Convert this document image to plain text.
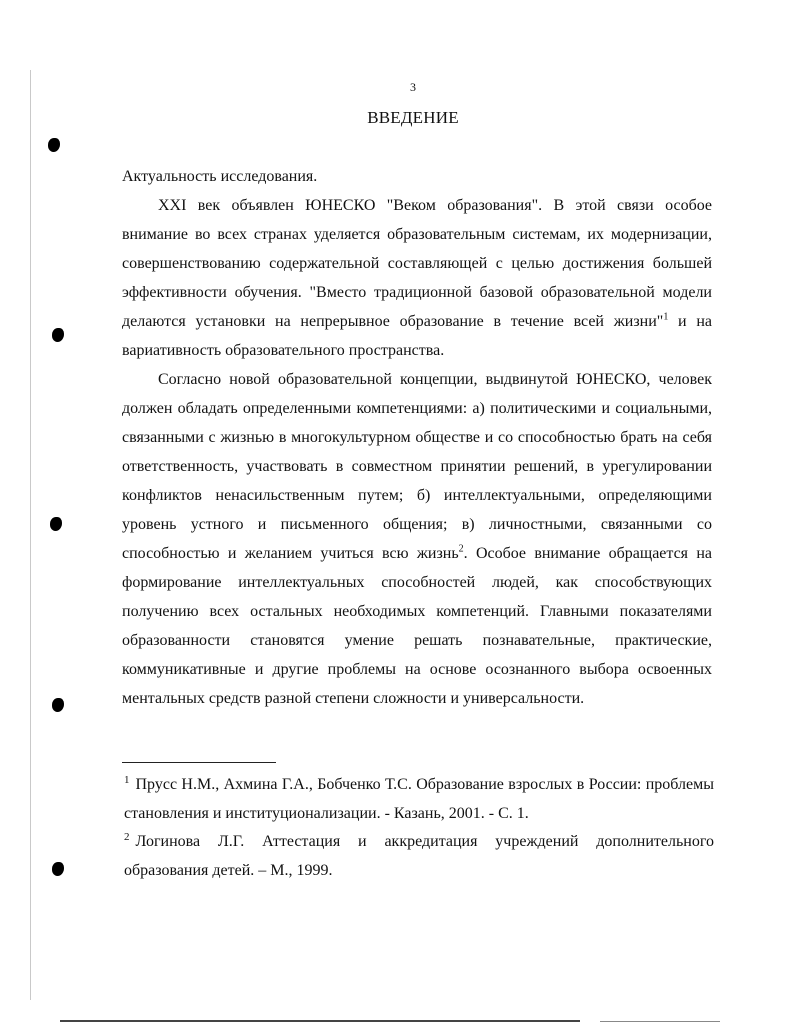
3
ВВЕДЕНИЕ

Актуальность исследования.

XXI век объявлен ЮНЕСКО "Веком образования". В этой связи особое внимание во всех странах уделяется образовательным системам, их модернизации, совершенствованию содержательной составляющей с целью достижения большей эффективности обучения. "Вместо традиционной базовой образовательной модели делаются установки на непрерывное образование в течение всей жизни"$^1$ и на вариативность образовательного пространства.

Согласно новой образовательной концепции, выдвинутой ЮНЕСКО, человек должен обладать определенными компетенциями: а) политическими и социальными, связанными с жизнью в многокультурном обществе и со способностью брать на себя ответственность, участвовать в совместном принятии решений, в урегулировании конфликтов ненасильственным путем; б) интеллектуальными, определяющими уровень устного и письменного общения; в) личностными, связанными со способностью и желанием учиться всю жизнь$^2$. Особое внимание обращается на формирование интеллектуальных способностей людей, как способствующих получению всех остальных необходимых компетенций. Главными показателями образованности становятся умение решать познавательные, практические, коммуникативные и другие проблемы на основе осознанного выбора освоенных ментальных средств разной степени сложности и универсальности.

$^1$ Прусс Н.М., Ахмина Г.А., Бобченко Т.С. Образование взрослых в России: проблемы становления и институционализации. - Казань, 2001. - С. 1.

$^2$ Логинова Л.Г. Аттестация и аккредитация учреждений дополнительного образования детей. – М., 1999.
